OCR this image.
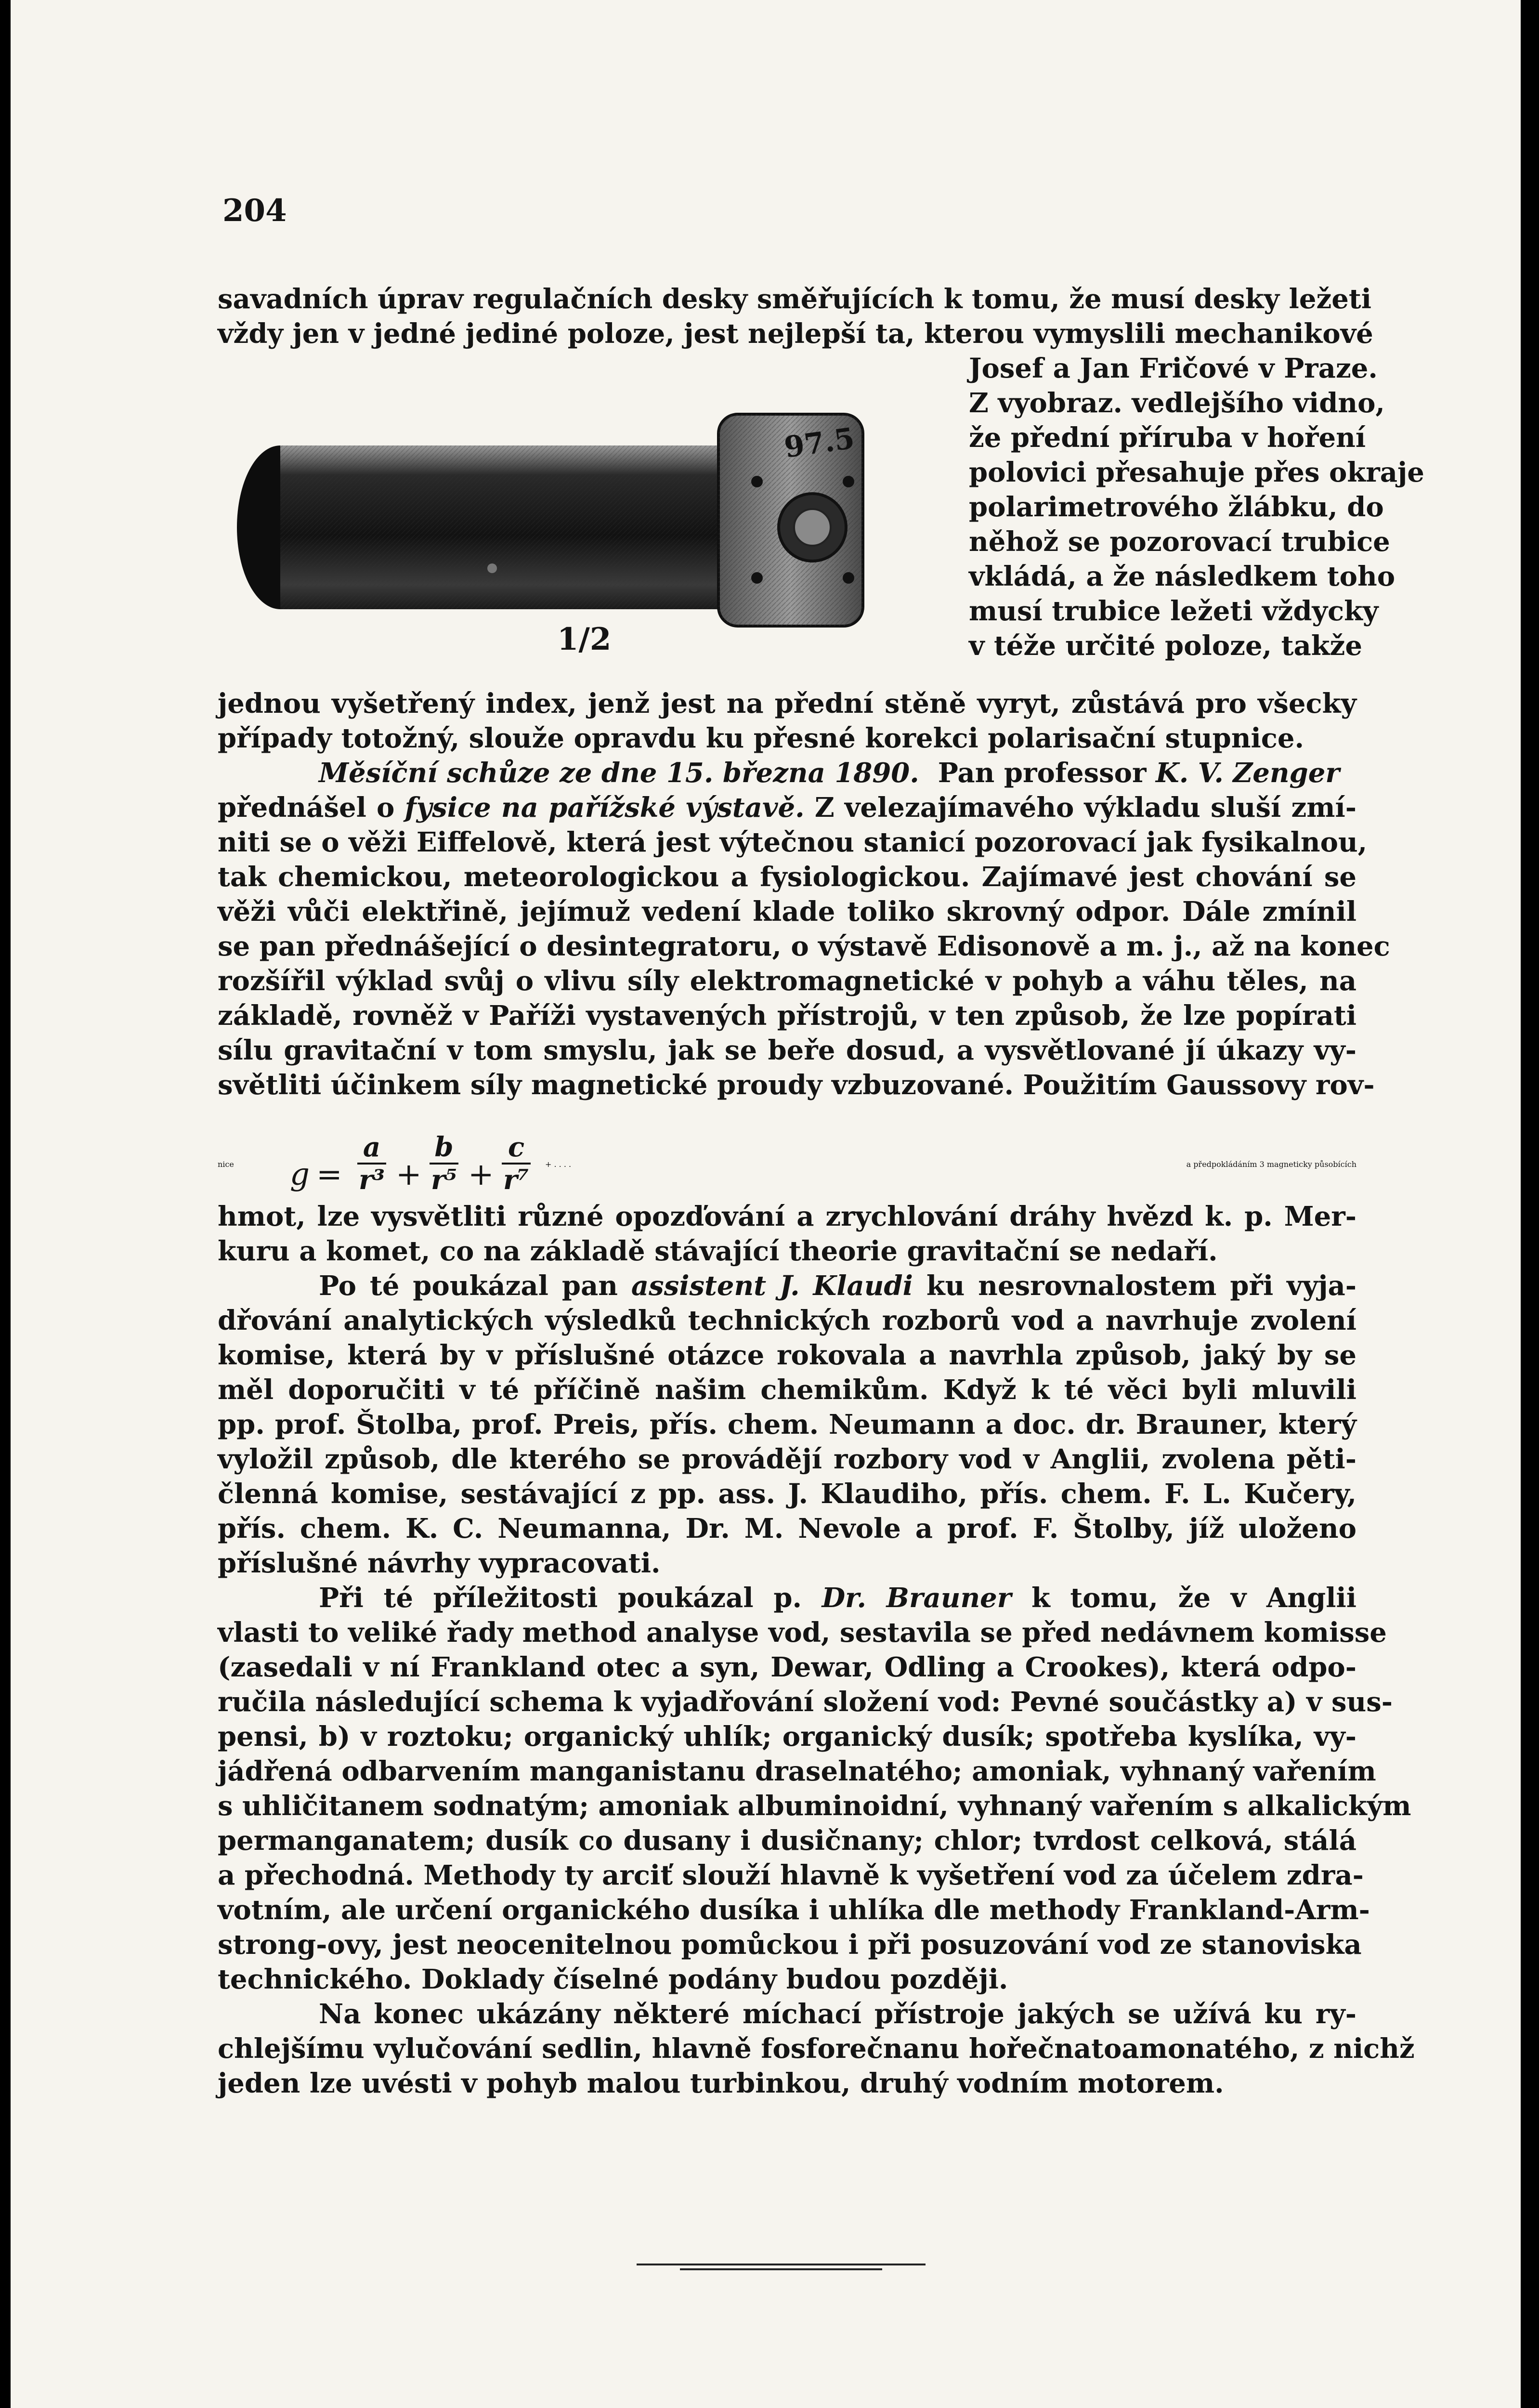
204
savadních úprav regulačních desky směřujících k tomu, že musí desky ležeti
vždy jen v jedné jediné poloze, jest nejlepší ta, kterou vymyslili mechanikové
97.5
1/2
Josef a Jan Fričové v Praze.
Z vyobraz. vedlejšího vidno,
že přední příruba v hoření
polovici přesahuje přes okraje
polarimetrového žlábku, do
něhož se pozorovací trubice
vkládá, a že následkem toho
musí trubice ležeti vždycky
v téže určité poloze, takže
jednou vyšetřený index, jenž jest na přední stěně vyryt, zůstává pro všecky
případy totožný, slouže opravdu ku přesné korekci polarisační stupnice.
Měsíční schůze ze dne 15. března 1890. Pan professor K. V. Zenger
přednášel o fysice na pařížské výstavě. Z velezajímavého výkladu sluší zmí-
niti se o věži Eiffelově, která jest výtečnou stanicí pozorovací jak fysikalnou,
tak chemickou, meteorologickou a fysiologickou. Zajímavé jest chování se
věži vůči elektřině, jejímuž vedení klade toliko skrovný odpor. Dále zmínil
se pan přednášející o desintegratoru, o výstavě Edisonově a m. j., až na konec
rozšířil výklad svůj o vlivu síly elektromagnetické v pohyb a váhu těles, na
základě, rovněž v Paříži vystavených přístrojů, v ten způsob, že lze popírati
sílu gravitační v tom smyslu, jak se beře dosud, a vysvětlované jí úkazy vy-
světliti účinkem síly magnetické proudy vzbuzované. Použitím Gaussovy rov-
nice $g = \frac{a}{\text{r³}} + \frac{b}{\text{r⁵}} + \frac{c}{\text{r⁷}}$ + . . . .	a předpokládáním 3 magneticky působících
hmot, lze vysvětliti různé opozďování a zrychlování dráhy hvězd k. p. Mer-
kuru a komet, co na základě stávající theorie gravitační se nedaří.
Po té poukázal pan assistent J. Klaudi ku nesrovnalostem při vyja-
dřování analytických výsledků technických rozborů vod a navrhuje zvolení
komise, která by v příslušné otázce rokovala a navrhla způsob, jaký by se
měl doporučiti v té příčině našim chemikům. Když k té věci byli mluvili
pp. prof. Štolba, prof. Preis, přís. chem. Neumann a doc. dr. Brauner, který
vyložil způsob, dle kterého se provádějí rozbory vod v Anglii, zvolena pěti-
členná komise, sestávající z pp. ass. J. Klaudiho, přís. chem. F. L. Kučery,
přís. chem. K. C. Neumanna, Dr. M. Nevole a prof. F. Štolby, jíž uloženo
příslušné návrhy vypracovati.
Při té příležitosti poukázal p. Dr. Brauner k tomu, že v Anglii
vlasti to veliké řady method analyse vod, sestavila se před nedávnem komisse
(zasedali v ní Frankland otec a syn, Dewar, Odling a Crookes), která odpo-
ručila následující schema k vyjadřování složení vod: Pevné součástky a) v sus-
pensi, b) v roztoku; organický uhlík; organický dusík; spotřeba kyslíka, vy-
jádřená odbarvením manganistanu draselnatého; amoniak, vyhnaný vařením
s uhličitanem sodnatým; amoniak albuminoidní, vyhnaný vařením s alkalickým
permanganatem; dusík co dusany i dusičnany; chlor; tvrdost celková, stálá
a přechodná. Methody ty arciť slouží hlavně k vyšetření vod za účelem zdra-
votním, ale určení organického dusíka i uhlíka dle methody Frankland-Arm-
strong-ovy, jest neocenitelnou pomůckou i při posuzování vod ze stanoviska
technického. Doklady číselné podány budou později.
Na konec ukázány některé míchací přístroje jakých se užívá ku ry-
chlejšímu vylučování sedlin, hlavně fosforečnanu hořečnatoamonatého, z nichž
jeden lze uvésti v pohyb malou turbinkou, druhý vodním motorem.
